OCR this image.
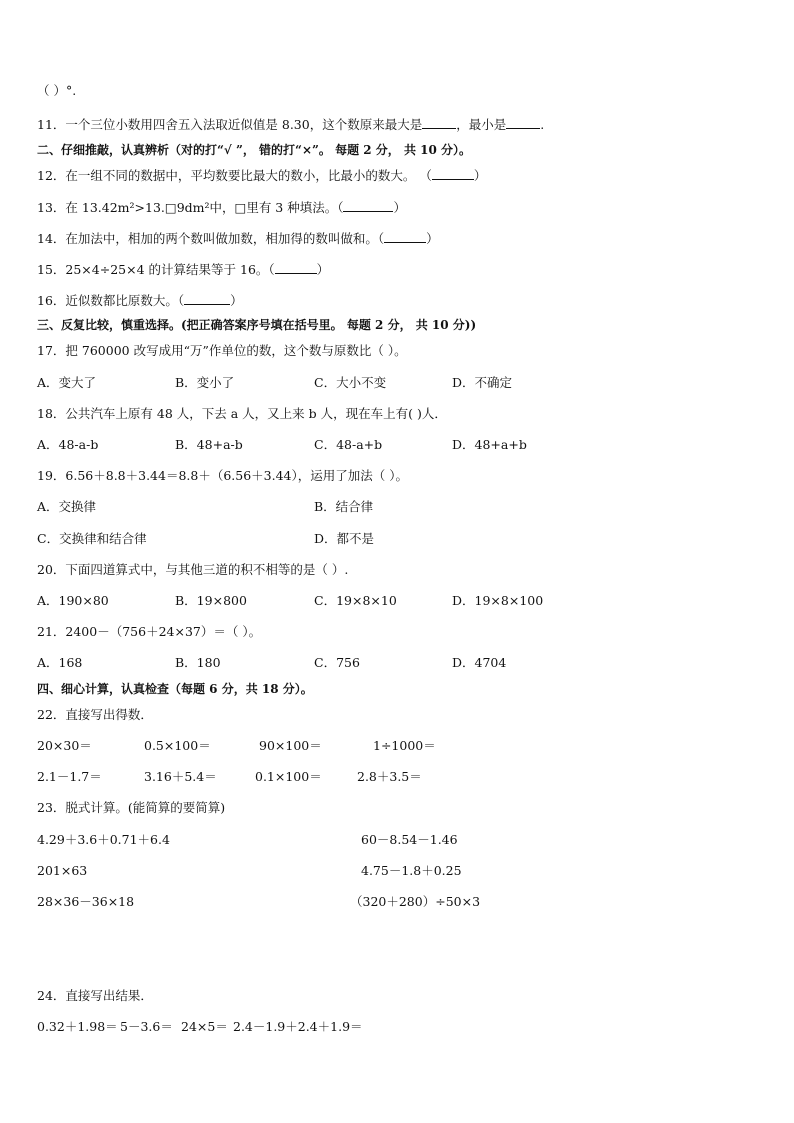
（ ）°.
11．一个三位小数用四舍五入法取近似值是 8.30，这个数原来最大是	，最小是	.
二、仔细推敲，认真辨析（对的打“√ ”， 错的打“×”。 每题 2 分， 共 10 分）。
12．在一组不同的数据中，平均数要比最大的数小，比最小的数大。 （	）
13．在 13.42m²>13.□9dm²中，□里有 3 种填法。（	）
14．在加法中，相加的两个数叫做加数，相加得的数叫做和。（	）
15．25×4÷25×4 的计算结果等于 16。（	）
16．近似数都比原数大。（	）
三、反复比较，慎重选择。(把正确答案序号填在括号里。 每题 2 分， 共 10 分))
17．把 760000 改写成用“万”作单位的数，这个数与原数比（ ）。
A．变大了	B．变小了	C．大小不变	D．不确定
18．公共汽车上原有 48 人，下去 a 人，又上来 b 人，现在车上有( )人．
A．48-a-b	B．48+a-b	C．48-a+b	D．48+a+b
19．6.56＋8.8＋3.44＝8.8＋（6.56＋3.44），运用了加法（ ）。
A．交换律	B．结合律
C．交换律和结合律	D．都不是
20．下面四道算式中，与其他三道的积不相等的是（ ）.
A．190×80	B．19×800	C．19×8×10	D．19×8×100
21．2400－（756＋24×37）＝（ ）。
A．168	B．180	C．756	D．4704
四、细心计算，认真检查（每题 6 分，共 18 分）。
22．直接写出得数．
20×30＝	0.5×100＝	90×100＝	1÷1000＝
2.1－1.7＝	3.16＋5.4＝	0.1×100＝	2.8＋3.5＝
23．脱式计算。(能简算的要简算)
4.29＋3.6＋0.71＋6.4	60－8.54－1.46
201×63	4.75－1.8＋0.25
28×36－36×18	（320＋280）÷50×3
24．直接写出结果．
0.32＋1.98＝ 5－3.6＝ 24×5＝ 2.4－1.9＋2.4＋1.9＝
